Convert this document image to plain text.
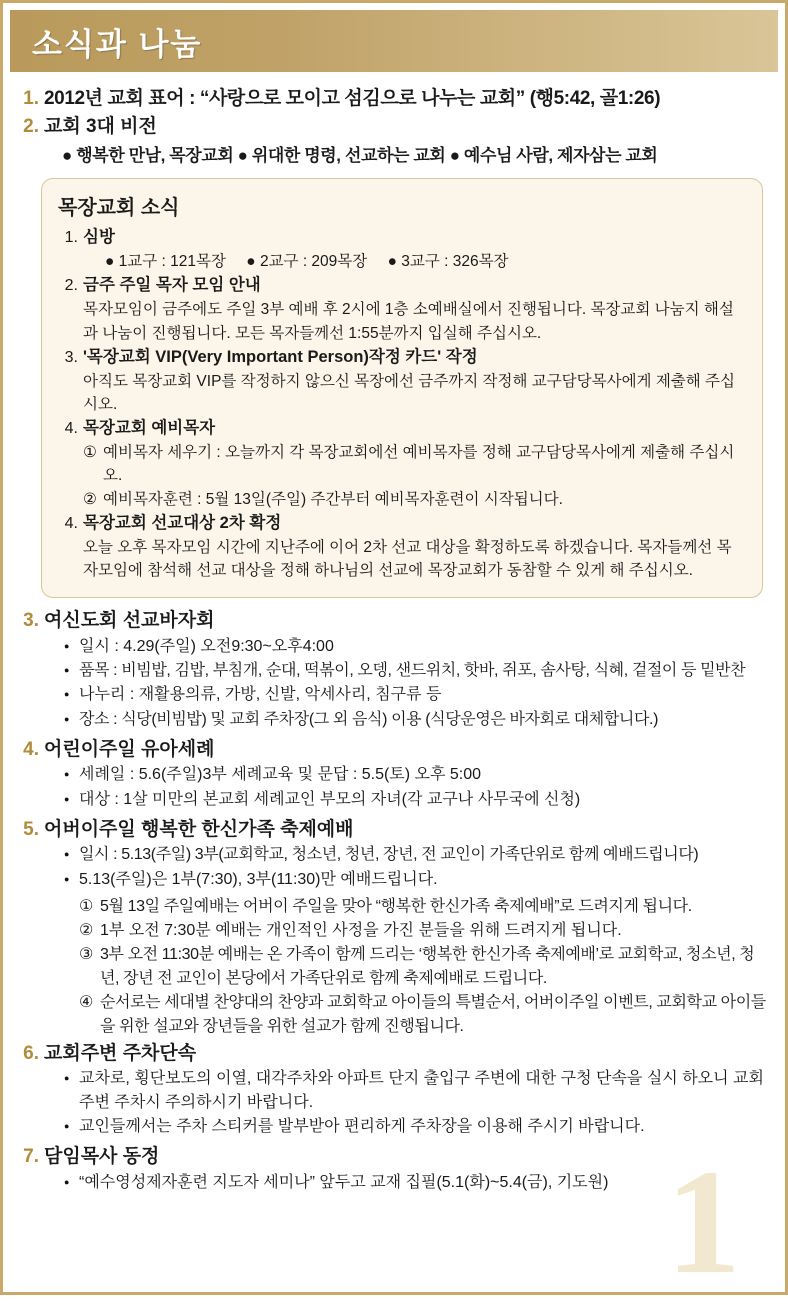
소식과 나눔
1
1. 2012년 교회 표어 : “사랑으로 모이고 섬김으로 나누는 교회” (행5:42, 골1:26)
2. 교회 3대 비전
● 행복한 만남, 목장교회 ● 위대한 명령, 선교하는 교회 ● 예수님 사람, 제자삼는 교회
목장교회 소식
1. 심방
● 1교구 : 121목장 ● 2교구 : 209목장 ● 3교구 : 326목장
2. 금주 주일 목자 모임 안내
목자모임이 금주에도 주일 3부 예배 후 2시에 1층 소예배실에서 진행됩니다. 목장교회 나눔지 해설과 나눔이 진행됩니다. 모든 목자들께선 1:55분까지 입실해 주십시오.
3. '목장교회 VIP(Very Important Person)작정 카드' 작정
아직도 목장교회 VIP를 작정하지 않으신 목장에선 금주까지 작정해 교구담당목사에게 제출해 주십시오.
4. 목장교회 예비목자
① 예비목자 세우기 : 오늘까지 각 목장교회에선 예비목자를 정해 교구담당목사에게 제출해 주십시오.
② 예비목자훈련 : 5월 13일(주일) 주간부터 예비목자훈련이 시작됩니다.
4. 목장교회 선교대상 2차 확정
오늘 오후 목자모임 시간에 지난주에 이어 2차 선교 대상을 확정하도록 하겠습니다. 목자들께선 목자모임에 참석해 선교 대상을 정해 하나님의 선교에 목장교회가 동참할 수 있게 해 주십시오.
3. 여신도회 선교바자회
● 일시 : 4.29(주일) 오전9:30~오후4:00
● 품목 : 비빔밥, 김밥, 부침개, 순대, 떡볶이, 오뎅, 샌드위치, 핫바, 쥐포, 솜사탕, 식혜, 겉절이 등 밑반찬
● 나누리 : 재활용의류, 가방, 신발, 악세사리, 침구류 등
● 장소 : 식당(비빔밥) 및 교회 주차장(그 외 음식) 이용 (식당운영은 바자회로 대체합니다.)
4. 어린이주일 유아세례
● 세례일 : 5.6(주일)3부 세례교육 및 문답 : 5.5(토) 오후 5:00
● 대상 : 1살 미만의 본교회 세례교인 부모의 자녀(각 교구나 사무국에 신청)
5. 어버이주일 행복한 한신가족 축제예배
● 일시 : 5.13(주일) 3부(교회학교, 청소년, 청년, 장년, 전 교인이 가족단위로 함께 예배드립니다)
● 5.13(주일)은 1부(7:30), 3부(11:30)만 예배드립니다.
① 5월 13일 주일예배는 어버이 주일을 맞아 “행복한 한신가족 축제예배”로 드려지게 됩니다.
② 1부 오전 7:30분 예배는 개인적인 사정을 가진 분들을 위해 드려지게 됩니다.
③ 3부 오전 11:30분 예배는 온 가족이 함께 드리는 ‘행복한 한신가족 축제예배’로 교회학교, 청소년, 청년, 장년 전 교인이 본당에서 가족단위로 함께 축제예배로 드립니다.
④ 순서로는 세대별 찬양대의 찬양과 교회학교 아이들의 특별순서, 어버이주일 이벤트, 교회학교 아이들을 위한 설교와 장년들을 위한 설교가 함께 진행됩니다.
6. 교회주변 주차단속
● 교차로, 횡단보도의 이열, 대각주차와 아파트 단지 출입구 주변에 대한 구청 단속을 실시 하오니 교회주변 주차시 주의하시기 바랍니다.
● 교인들께서는 주차 스티커를 발부받아 편리하게 주차장을 이용해 주시기 바랍니다.
7. 담임목사 동정
● “예수영성제자훈련 지도자 세미나” 앞두고 교재 집필(5.1(화)~5.4(금), 기도원)
